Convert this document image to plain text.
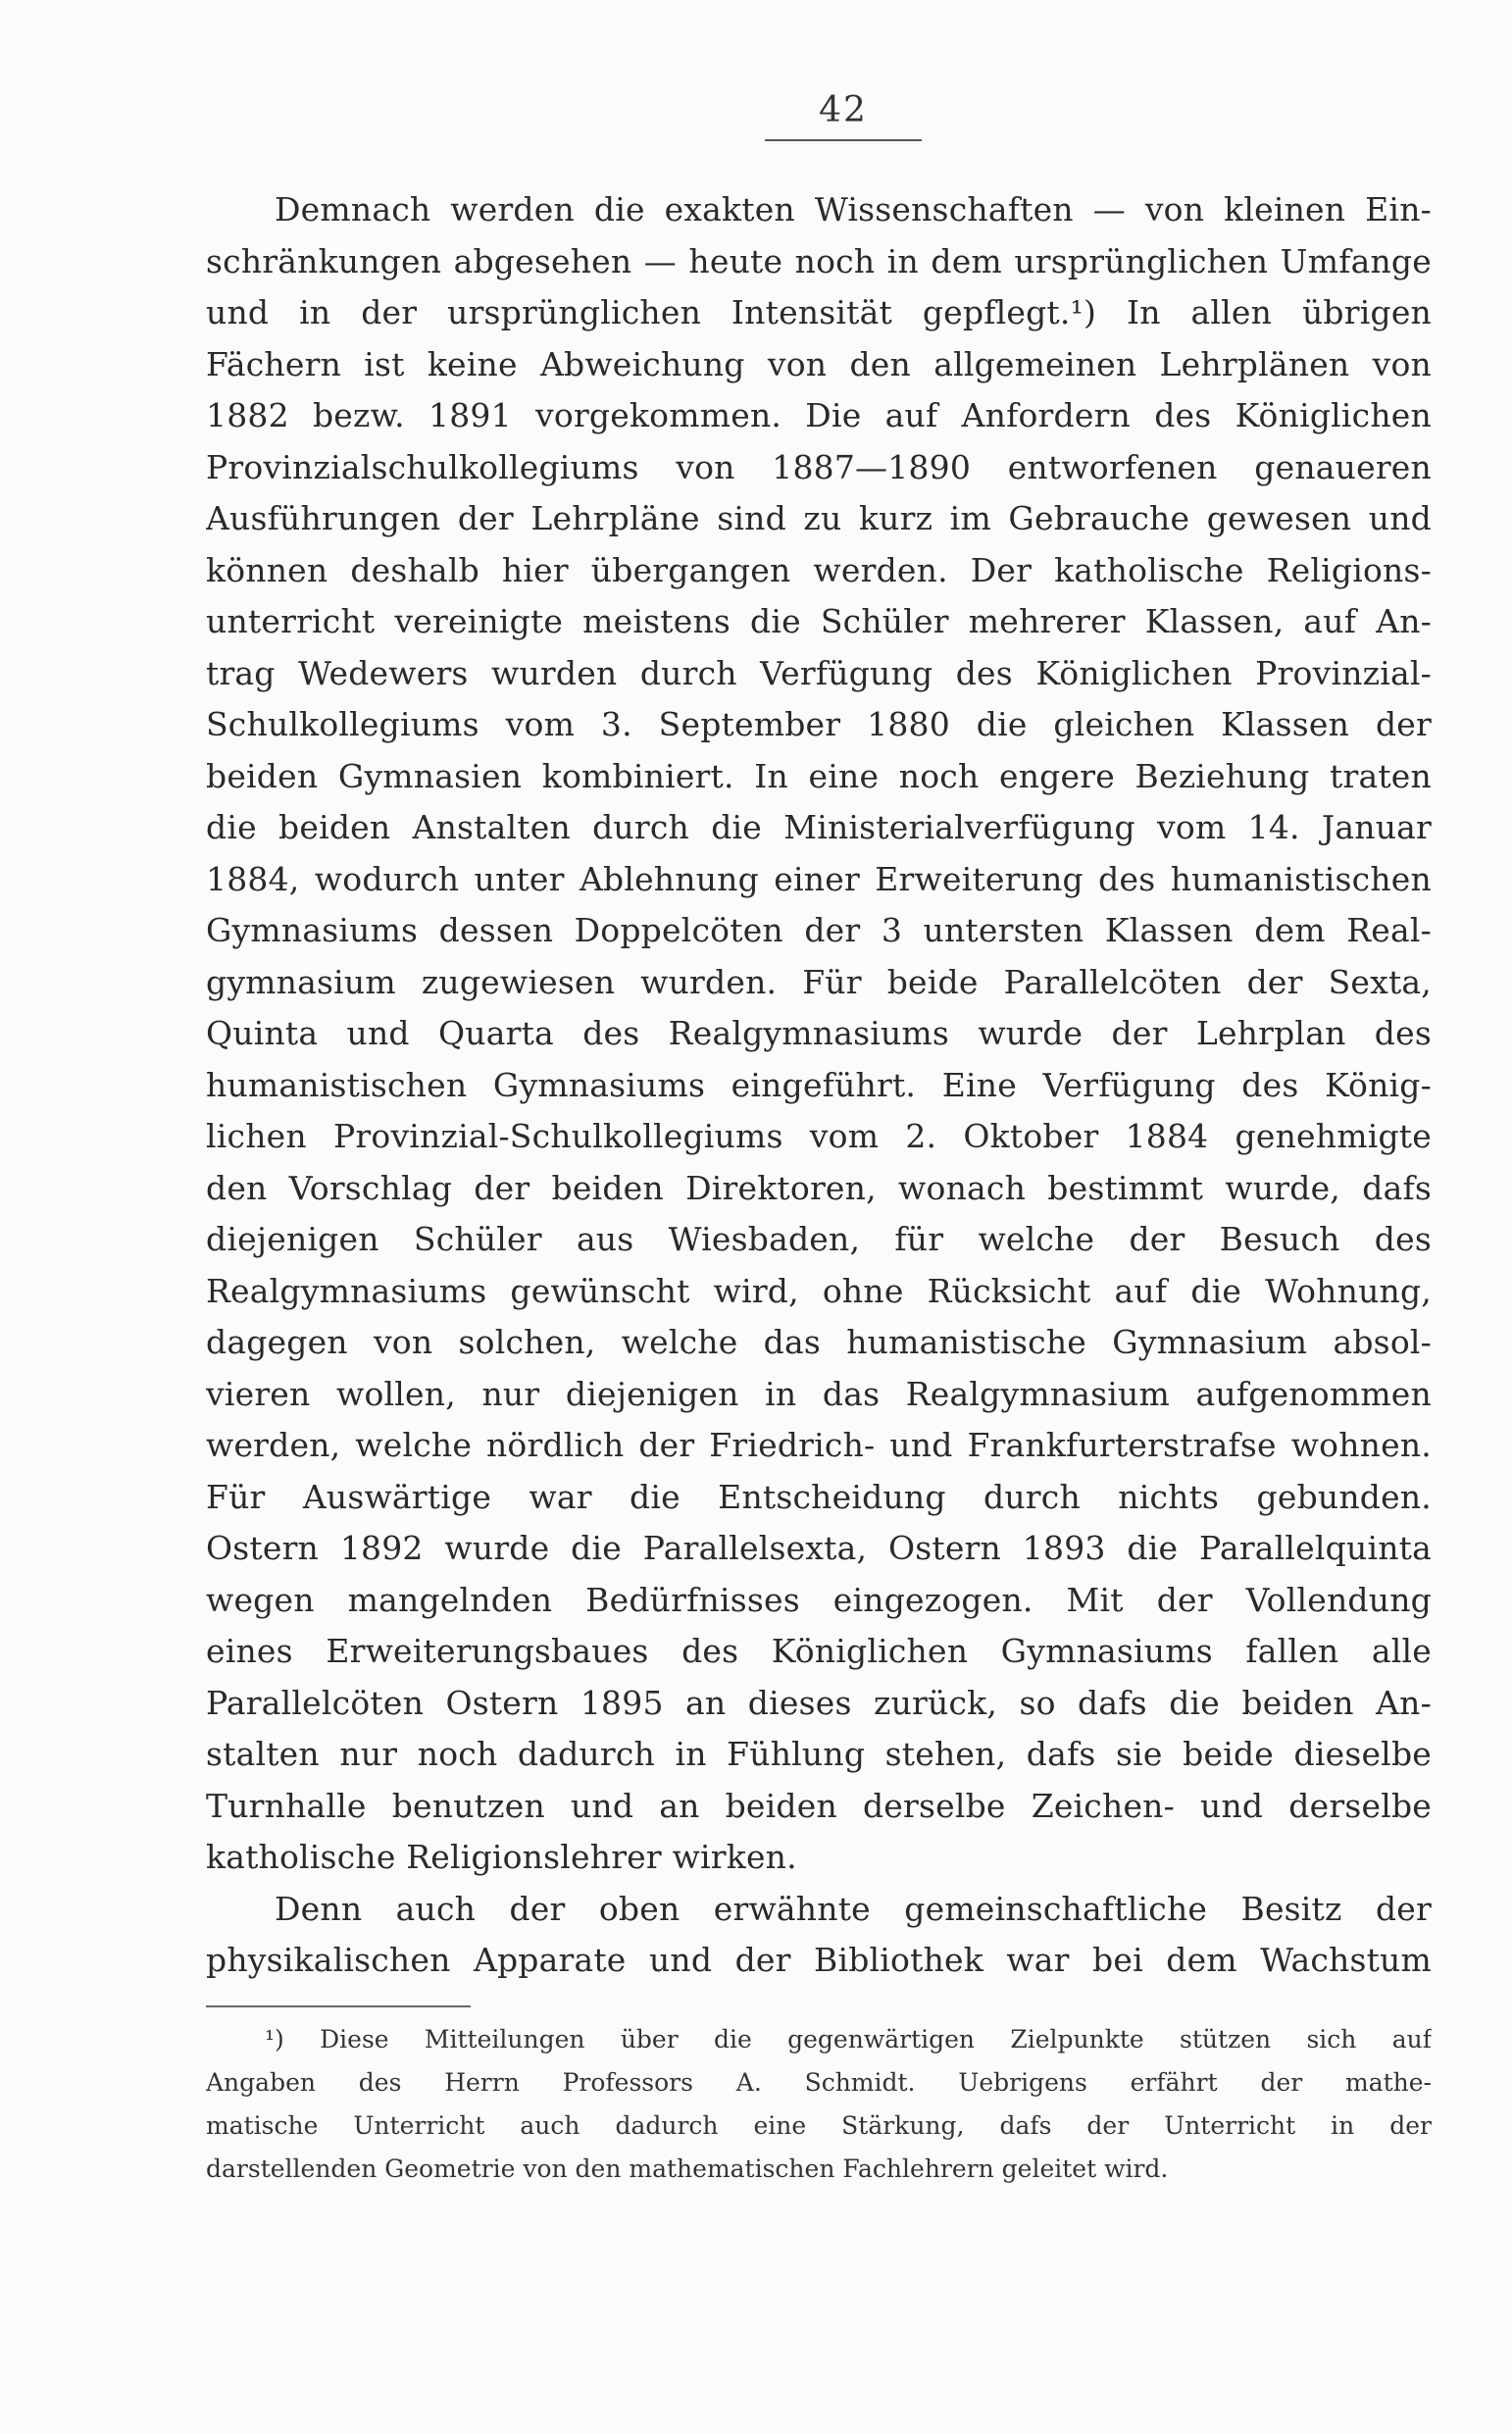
42
Demnach werden die exakten Wissenschaften — von kleinen Ein-
schränkungen abgesehen — heute noch in dem ursprünglichen Umfange
und in der ursprünglichen Intensität gepflegt.¹) In allen übrigen
Fächern ist keine Abweichung von den allgemeinen Lehrplänen von
1882 bezw. 1891 vorgekommen. Die auf Anfordern des Königlichen
Provinzialschulkollegiums von 1887—1890 entworfenen genaueren
Ausführungen der Lehrpläne sind zu kurz im Gebrauche gewesen und
können deshalb hier übergangen werden. Der katholische Religions-
unterricht vereinigte meistens die Schüler mehrerer Klassen, auf An-
trag Wedewers wurden durch Verfügung des Königlichen Provinzial-
Schulkollegiums vom 3. September 1880 die gleichen Klassen der
beiden Gymnasien kombiniert. In eine noch engere Beziehung traten
die beiden Anstalten durch die Ministerialverfügung vom 14. Januar
1884, wodurch unter Ablehnung einer Erweiterung des humanistischen
Gymnasiums dessen Doppelcöten der 3 untersten Klassen dem Real-
gymnasium zugewiesen wurden. Für beide Parallelcöten der Sexta,
Quinta und Quarta des Realgymnasiums wurde der Lehrplan des
humanistischen Gymnasiums eingeführt. Eine Verfügung des König-
lichen Provinzial-Schulkollegiums vom 2. Oktober 1884 genehmigte
den Vorschlag der beiden Direktoren, wonach bestimmt wurde, dafs
diejenigen Schüler aus Wiesbaden, für welche der Besuch des
Realgymnasiums gewünscht wird, ohne Rücksicht auf die Wohnung,
dagegen von solchen, welche das humanistische Gymnasium absol-
vieren wollen, nur diejenigen in das Realgymnasium aufgenommen
werden, welche nördlich der Friedrich- und Frankfurterstrafse wohnen.
Für Auswärtige war die Entscheidung durch nichts gebunden.
Ostern 1892 wurde die Parallelsexta, Ostern 1893 die Parallelquinta
wegen mangelnden Bedürfnisses eingezogen. Mit der Vollendung
eines Erweiterungsbaues des Königlichen Gymnasiums fallen alle
Parallelcöten Ostern 1895 an dieses zurück, so dafs die beiden An-
stalten nur noch dadurch in Fühlung stehen, dafs sie beide dieselbe
Turnhalle benutzen und an beiden derselbe Zeichen- und derselbe
katholische Religionslehrer wirken.
Denn auch der oben erwähnte gemeinschaftliche Besitz der
physikalischen Apparate und der Bibliothek war bei dem Wachstum
¹) Diese Mitteilungen über die gegenwärtigen Zielpunkte stützen sich auf
Angaben des Herrn Professors A. Schmidt. Uebrigens erfährt der mathe-
matische Unterricht auch dadurch eine Stärkung, dafs der Unterricht in der
darstellenden Geometrie von den mathematischen Fachlehrern geleitet wird.
